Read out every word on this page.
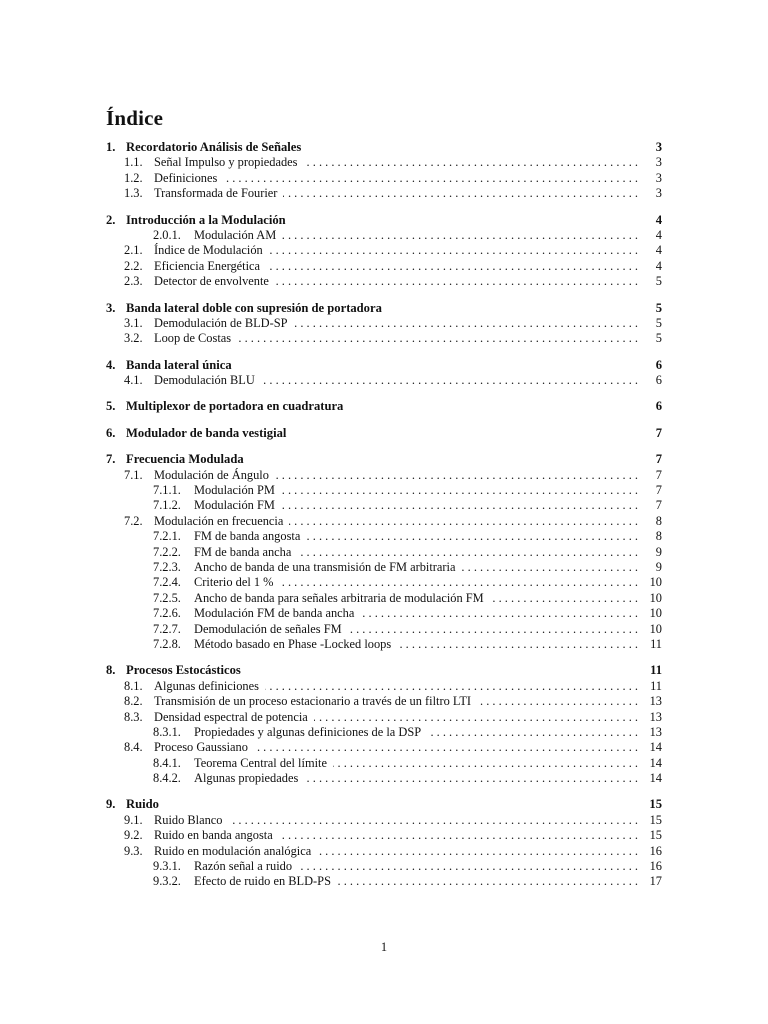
Índice
1. Recordatorio Análisis de Señales	3
1.1. Señal Impulso y propiedades . . .	3
1.2. Definiciones . . .	3
1.3. Transformada de Fourier . . .	3
2. Introducción a la Modulación	4
2.0.1.	Modulación AM . . .	4
2.1. Índice de Modulación . . .	4
2.2. Eficiencia Energética . . .	4
2.3. Detector de envolvente . . .	5
3. Banda lateral doble con supresión de portadora	5
3.1. Demodulación de BLD-SP . . .	5
3.2. Loop de Costas . . .	5
4. Banda lateral única	6
4.1. Demodulación BLU . . .	6
5. Multiplexor de portadora en cuadratura	6
6. Modulador de banda vestigial	7
7. Frecuencia Modulada	7
7.1. Modulación de Ángulo . . .	7
7.1.1.	Modulación PM . . .	7
7.1.2.	Modulación FM . . .	7
7.2. Modulación en frecuencia . . .	8
7.2.1.	FM de banda angosta . . .	8
7.2.2.	FM de banda ancha . . .	9
7.2.3.	Ancho de banda de una transmisión de FM arbitraria . . .	9
7.2.4.	Criterio del 1 % . . .	10
7.2.5.	Ancho de banda para señales arbitraria de modulación FM . . .	10
7.2.6.	Modulación FM de banda ancha . . .	10
7.2.7.	Demodulación de señales FM . . .	10
7.2.8.	Método basado en Phase -Locked loops . . .	11
8. Procesos Estocásticos	11
8.1. Algunas definiciones . . .	11
8.2. Transmisión de un proceso estacionario a través de un filtro LTI . . .	13
8.3. Densidad espectral de potencia . . .	13
8.3.1.	Propiedades y algunas definiciones de la DSP . . .	13
8.4. Proceso Gaussiano . . .	14
8.4.1.	Teorema Central del límite . . .	14
8.4.2.	Algunas propiedades . . .	14
9. Ruido	15
9.1. Ruido Blanco . . .	15
9.2. Ruido en banda angosta . . .	15
9.3. Ruido en modulación analógica . . .	16
9.3.1.	Razón señal a ruido . . .	16
9.3.2.	Efecto de ruido en BLD-PS . . .	17
1
